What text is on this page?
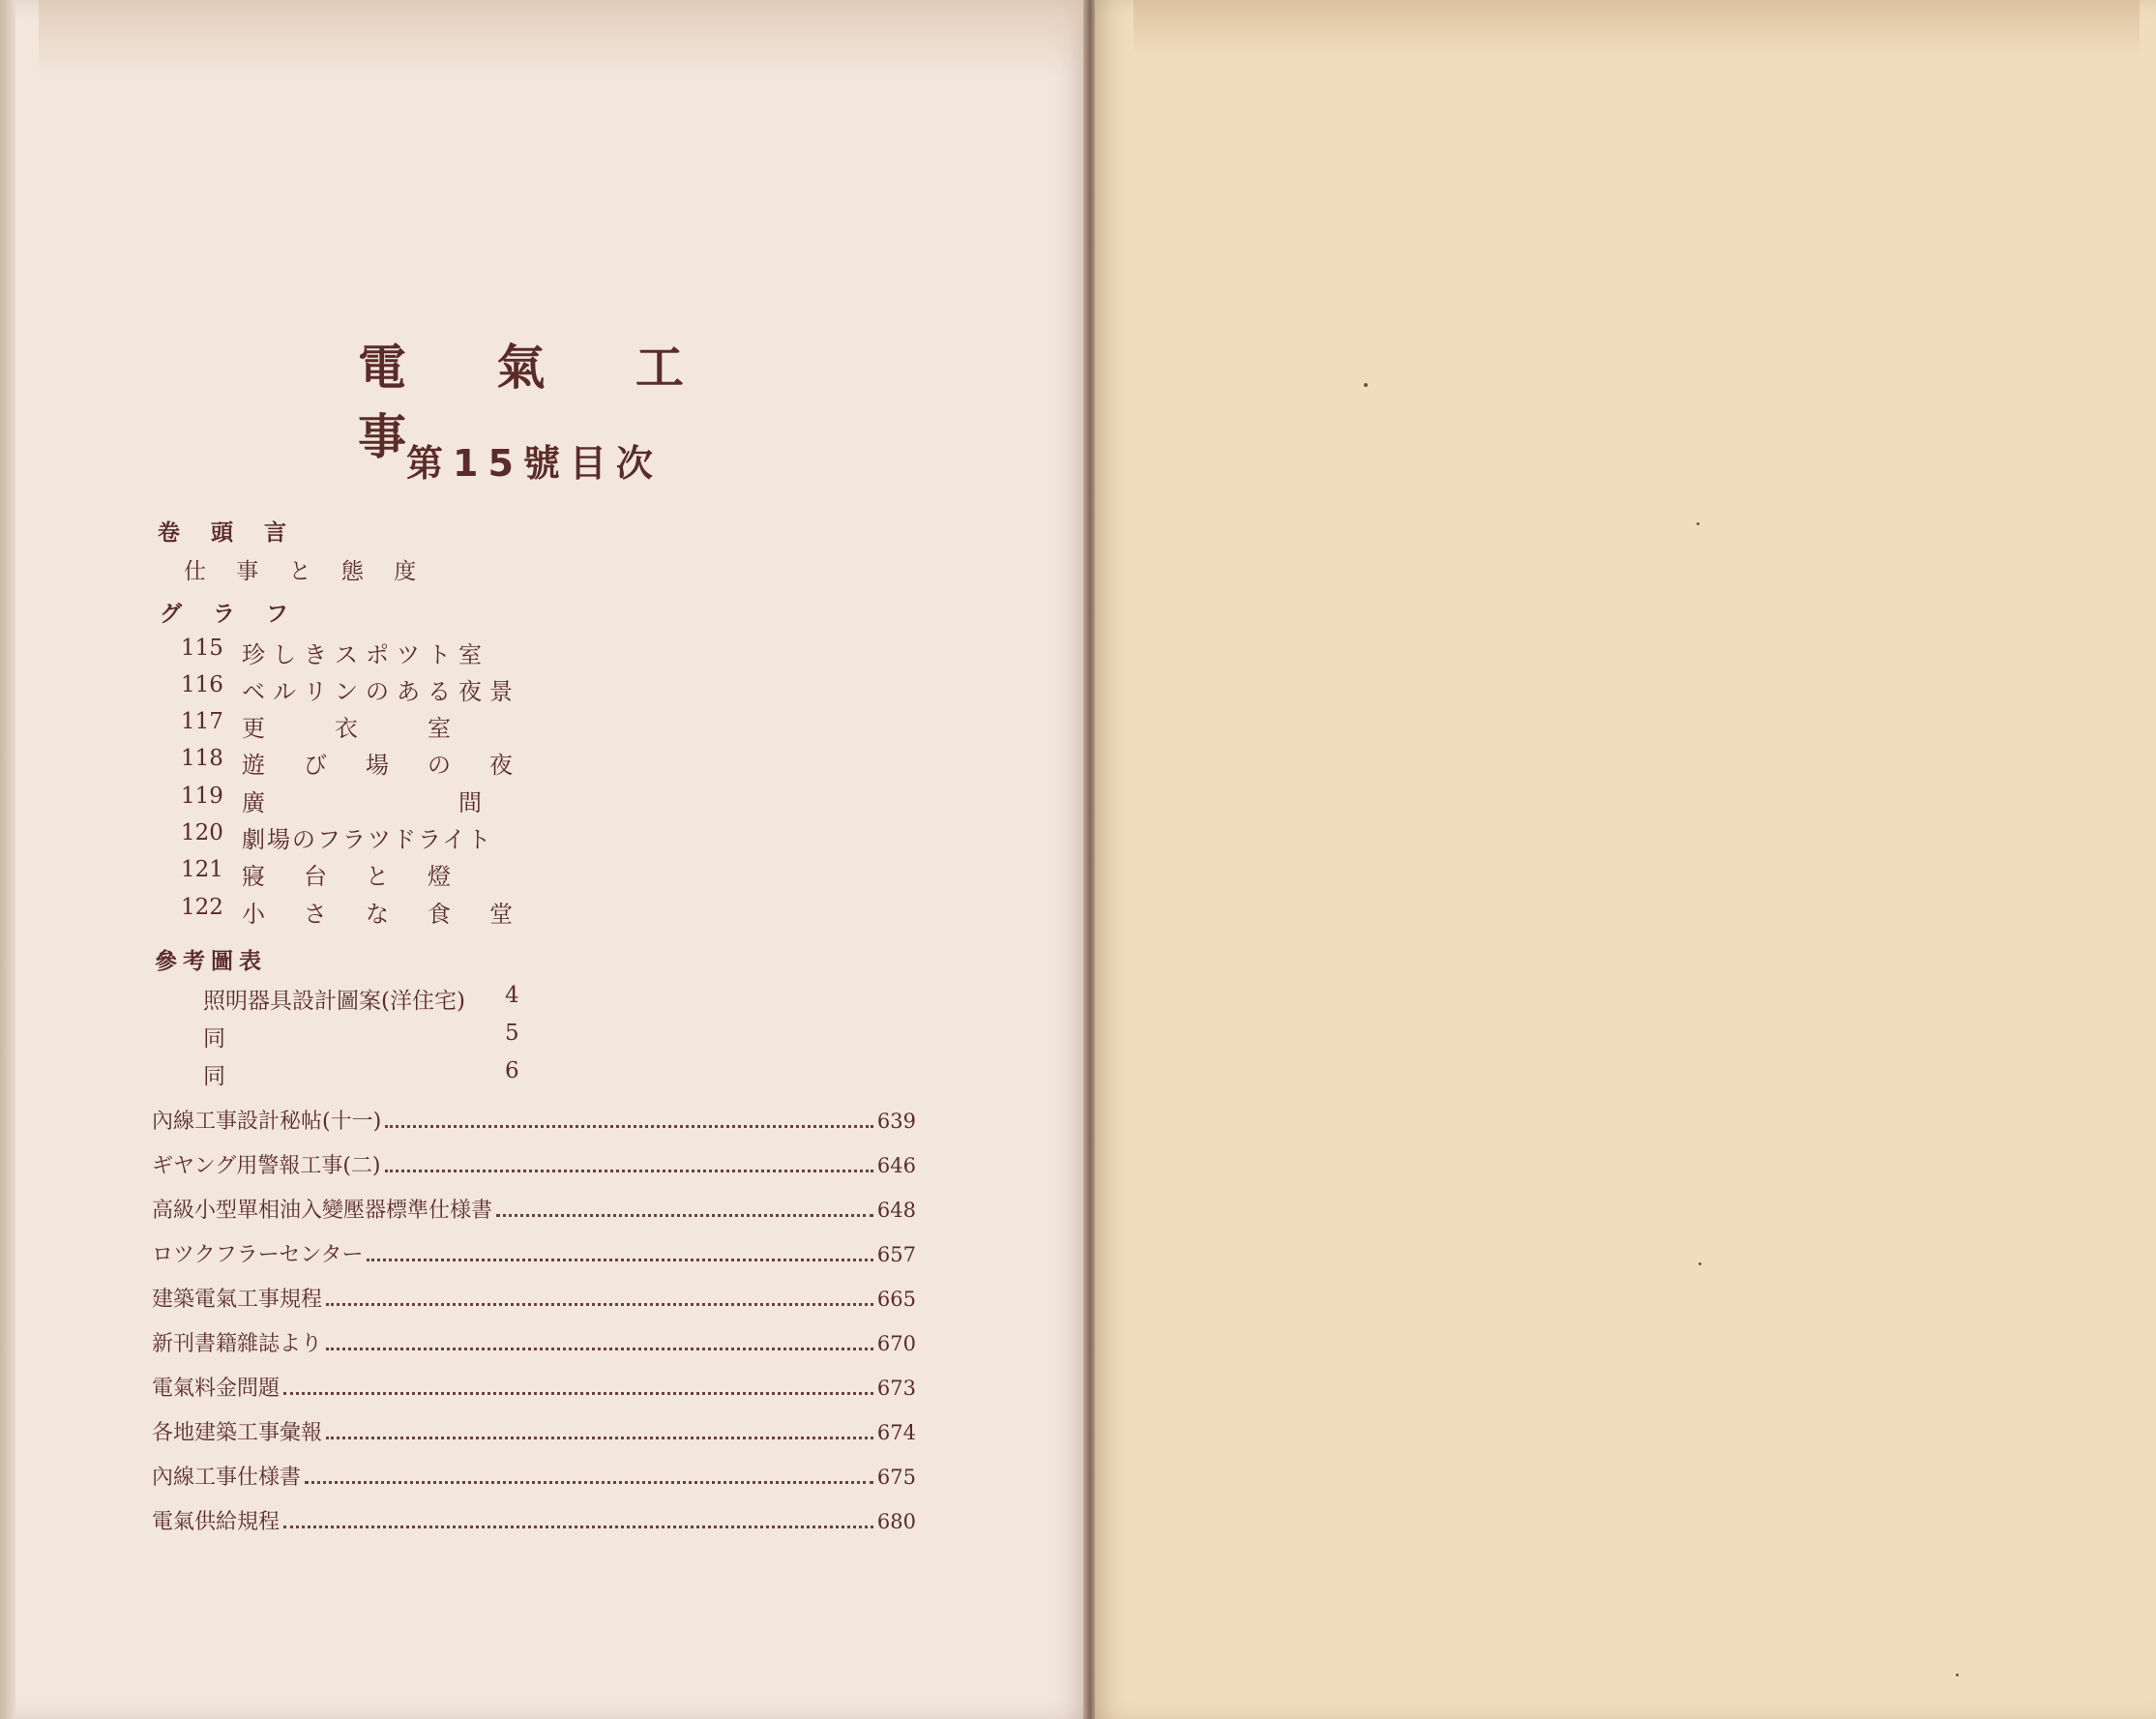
電 氣 工 事
第15號目次
卷 頭 言
仕 事 と 態 度
グ ラ フ
115 珍しきスポツト室
116 ベルリンのある夜景
117 更　　衣　　室
118 遊　び　場　の　夜
119 廣　　　　　　間
120 劇場のフラツドライト
121 寢　台　と　燈
122 小　さ　な　食　堂
參考圖表
照明器具設計圖案(洋住宅) 4
同	5
同	6
內線工事設計秘帖(十一)	639
ギヤング用警報工事(二)	646
高級小型單相油入變壓器標準仕様書	648
ロツクフラーセンター	657
建築電氣工事規程	665
新刊書籍雜誌より	670
電氣料金問題	673
各地建築工事彙報	674
內線工事仕様書	675
電氣供給規程	680
